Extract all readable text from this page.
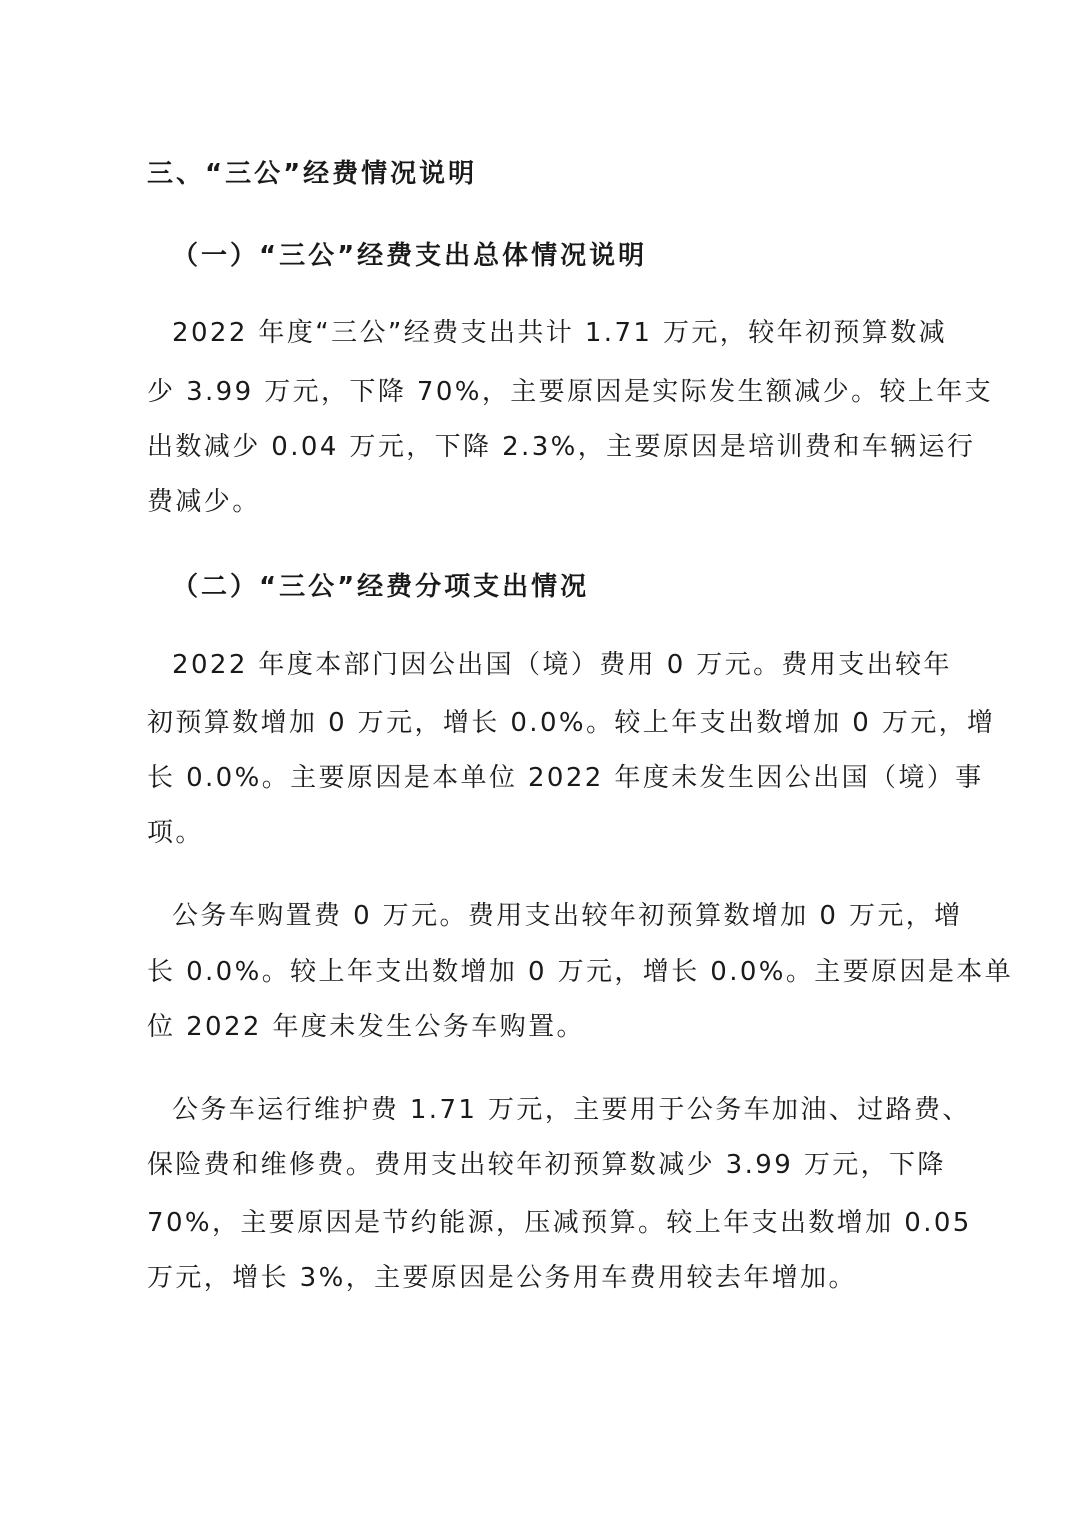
三、“三公”经费情况说明
（一）“三公”经费支出总体情况说明

2022 年度“三公”经费支出共计 1.71 万元，较年初预算数减

少 3.99 万元，下降 70%，主要原因是实际发生额减少。较上年支

出数减少 0.04 万元，下降 2.3%，主要原因是培训费和车辆运行

费减少。

（二）“三公”经费分项支出情况

2022 年度本部门因公出国（境）费用 0 万元。费用支出较年

初预算数增加 0 万元，增长 0.0%。较上年支出数增加 0 万元，增

长 0.0%。主要原因是本单位 2022 年度未发生因公出国（境）事

项。

公务车购置费 0 万元。费用支出较年初预算数增加 0 万元，增

长 0.0%。较上年支出数增加 0 万元，增长 0.0%。主要原因是本单

位 2022 年度未发生公务车购置。

公务车运行维护费 1.71 万元，主要用于公务车加油、过路费、

保险费和维修费。费用支出较年初预算数减少 3.99 万元，下降

70%，主要原因是节约能源，压减预算。较上年支出数增加 0.05

万元，增长 3%，主要原因是公务用车费用较去年增加。
